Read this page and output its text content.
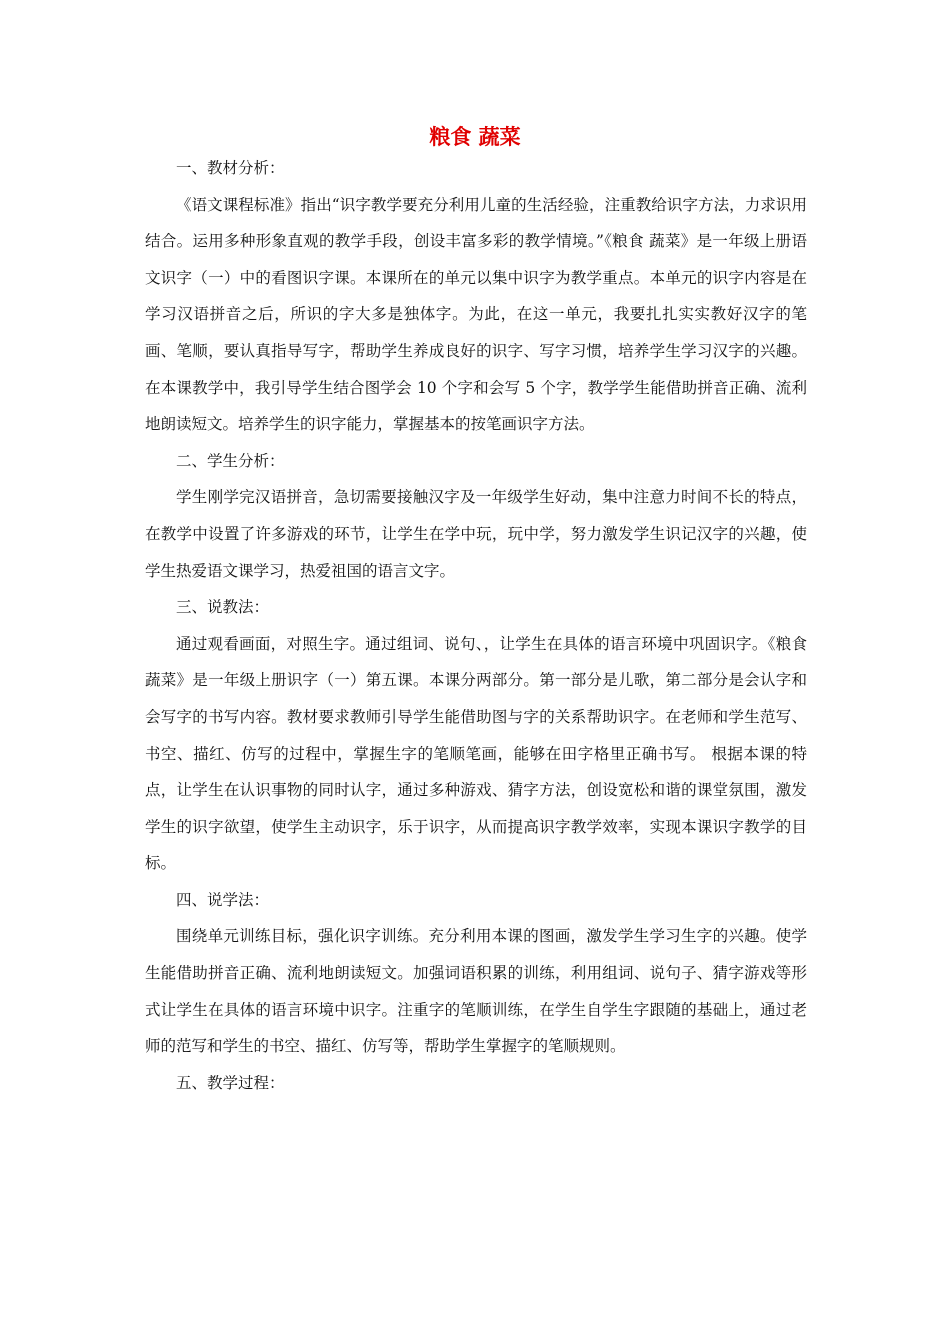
粮食 蔬菜

一、教材分析：

《语文课程标准》指出“识字教学要充分利用儿童的生活经验，注重教给识字方法，力求识用结合。运用多种形象直观的教学手段，创设丰富多彩的教学情境。”《粮食 蔬菜》是一年级上册语文识字（一）中的看图识字课。本课所在的单元以集中识字为教学重点。本单元的识字内容是在学习汉语拼音之后，所识的字大多是独体字。为此，在这一单元，我要扎扎实实教好汉字的笔画、笔顺，要认真指导写字，帮助学生养成良好的识字、写字习惯，培养学生学习汉字的兴趣。在本课教学中，我引导学生结合图学会 10 个字和会写 5 个字，教学学生能借助拼音正确、流利地朗读短文。培养学生的识字能力，掌握基本的按笔画识字方法。

二、学生分析：

学生刚学完汉语拼音，急切需要接触汉字及一年级学生好动，集中注意力时间不长的特点，在教学中设置了许多游戏的环节，让学生在学中玩，玩中学，努力激发学生识记汉字的兴趣，使学生热爱语文课学习，热爱祖国的语言文字。

三、说教法：

通过观看画面，对照生字。通过组词、说句、，让学生在具体的语言环境中巩固识字。《粮食 蔬菜》是一年级上册识字（一）第五课。本课分两部分。第一部分是儿歌，第二部分是会认字和会写字的书写内容。教材要求教师引导学生能借助图与字的关系帮助识字。在老师和学生范写、书空、描红、仿写的过程中，掌握生字的笔顺笔画，能够在田字格里正确书写。 根据本课的特点，让学生在认识事物的同时认字，通过多种游戏、猜字方法，创设宽松和谐的课堂氛围，激发学生的识字欲望，使学生主动识字，乐于识字，从而提高识字教学效率，实现本课识字教学的目标。

四、说学法：

围绕单元训练目标，强化识字训练。充分利用本课的图画，激发学生学习生字的兴趣。使学生能借助拼音正确、流利地朗读短文。加强词语积累的训练，利用组词、说句子、猜字游戏等形式让学生在具体的语言环境中识字。注重字的笔顺训练，在学生自学生字跟随的基础上，通过老师的范写和学生的书空、描红、仿写等，帮助学生掌握字的笔顺规则。

五、教学过程：
